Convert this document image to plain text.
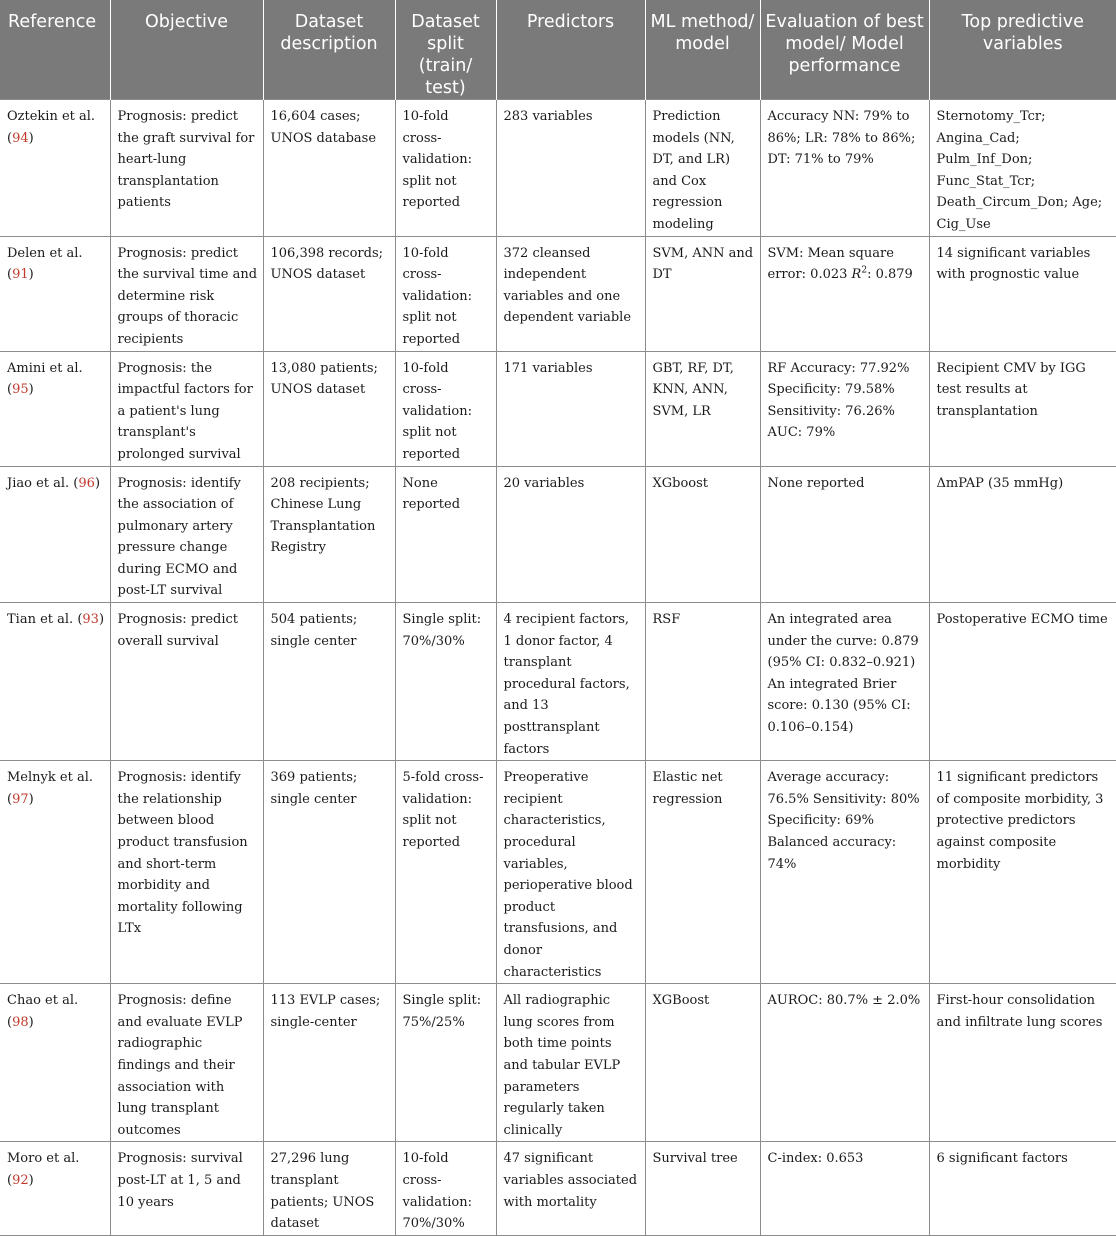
Reference	Objective	Dataset description	Dataset split (train/ test)	Predictors	ML method/ model	Evaluation of best model/ Model performance	Top predictive variables
Oztekin et al. (94)	Prognosis: predict the graft survival for heart-lung transplantation patients	16,604 cases; UNOS database	10-fold cross-validation: split not reported	283 variables	Prediction models (NN, DT, and LR) and Cox regression modeling	Accuracy NN: 79% to 86%; LR: 78% to 86%; DT: 71% to 79%	Sternotomy_Tcr; Angina_Cad; Pulm_Inf_Don; Func_Stat_Tcr; Death_Circum_Don; Age; Cig_Use
Delen et al. (91)	Prognosis: predict the survival time and determine risk groups of thoracic recipients	106,398 records; UNOS dataset	10-fold cross-validation: split not reported	372 cleansed independent variables and one dependent variable	SVM, ANN and DT	SVM: Mean square error: 0.023 $R^2$: 0.879	14 significant variables with prognostic value
Amini et al. (95)	Prognosis: the impactful factors for a patient's lung transplant's prolonged survival	13,080 patients; UNOS dataset	10-fold cross-validation: split not reported	171 variables	GBT, RF, DT, KNN, ANN, SVM, LR	RF Accuracy: 77.92% Specificity: 79.58% Sensitivity: 76.26% AUC: 79%	Recipient CMV by IGG test results at transplantation
Jiao et al. (96)	Prognosis: identify the association of pulmonary artery pressure change during ECMO and post-LT survival	208 recipients; Chinese Lung Transplantation Registry	None reported	20 variables	XGboost	None reported	ΔmPAP (35 mmHg)
Tian et al. (93)	Prognosis: predict overall survival	504 patients; single center	Single split: 70%/30%	4 recipient factors, 1 donor factor, 4 transplant procedural factors, and 13 posttransplant factors	RSF	An integrated area under the curve: 0.879 (95% CI: 0.832–0.921) An integrated Brier score: 0.130 (95% CI: 0.106–0.154)	Postoperative ECMO time
Melnyk et al. (97)	Prognosis: identify the relationship between blood product transfusion and short-term morbidity and mortality following LTx	369 patients; single center	5-fold cross-validation: split not reported	Preoperative recipient characteristics, procedural variables, perioperative blood product transfusions, and donor characteristics	Elastic net regression	Average accuracy: 76.5% Sensitivity: 80% Specificity: 69% Balanced accuracy: 74%	11 significant predictors of composite morbidity, 3 protective predictors against composite morbidity
Chao et al. (98)	Prognosis: define and evaluate EVLP radiographic findings and their association with lung transplant outcomes	113 EVLP cases; single-center	Single split: 75%/25%	All radiographic lung scores from both time points and tabular EVLP parameters regularly taken clinically	XGBoost	AUROC: 80.7% ± 2.0%	First-hour consolidation and infiltrate lung scores
Moro et al. (92)	Prognosis: survival post-LT at 1, 5 and 10 years	27,296 lung transplant patients; UNOS dataset	10-fold cross-validation: 70%/30%	47 significant variables associated with mortality	Survival tree	C-index: 0.653	6 significant factors
